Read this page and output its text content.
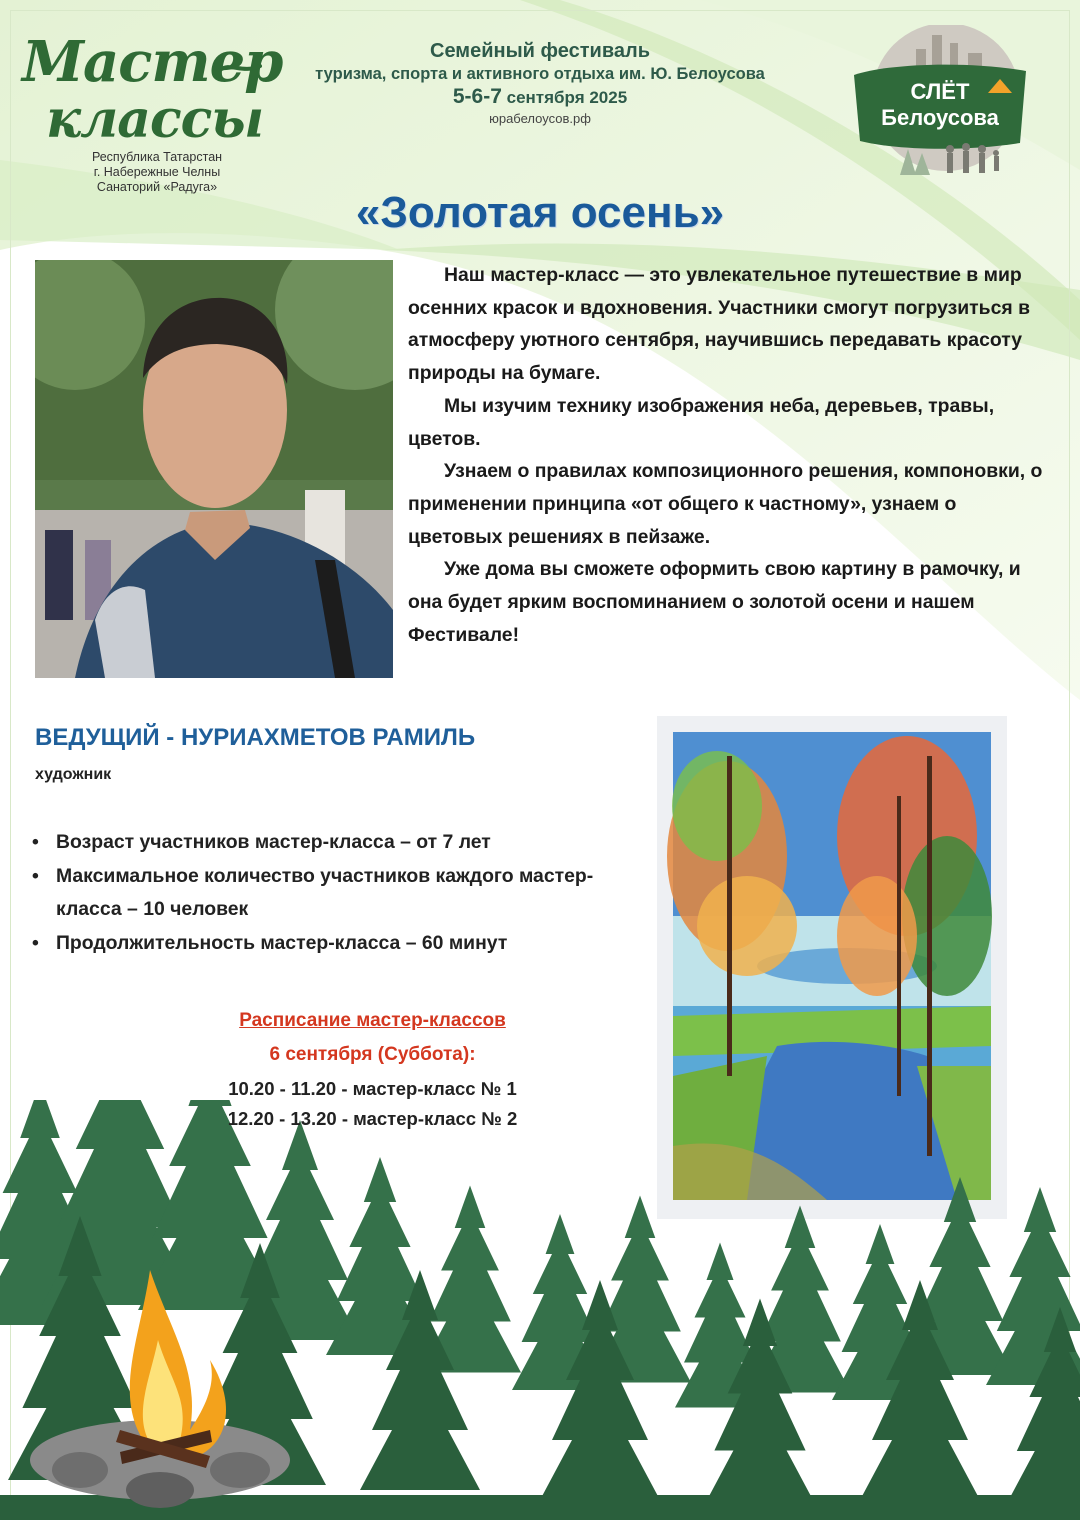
Мастер
классы
Республика Татарстан
г. Набережные Челны
Санаторий «Радуга»
Семейный фестиваль
туризма, спорта и активного отдыха им. Ю. Белоусова
5-6-7 сентября 2025
юрабелоусов.рф
СЛЁТ
Белоусова
«Золотая осень»

Наш мастер-класс — это увлекательное путешествие в мир осенних красок и вдохновения. Участники смогут погрузиться в атмосферу уютного сентября, научившись передавать красоту природы на бумаге.

Мы изучим технику изображения неба, деревьев, травы, цветов.

Узнаем о правилах композиционного решения, компоновки, о применении принципа «от общего к частному», узнаем о цветовых решениях в пейзаже.

Уже дома вы сможете оформить свою картину в рамочку, и она будет ярким воспоминанием о золотой осени и нашем Фестивале!

ВЕДУЩИЙ - НУРИАХМЕТОВ РАМИЛЬ
художник
• Возраст участников мастер-класса – от 7 лет
• Максимальное количество участников каждого мастер-класса – 10 человек
• Продолжительность мастер-класса – 60 минут
Расписание мастер-классов
6 сентября (Суббота):
10.20 - 11.20 - мастер-класс № 1
12.20 - 13.20 - мастер-класс № 2
